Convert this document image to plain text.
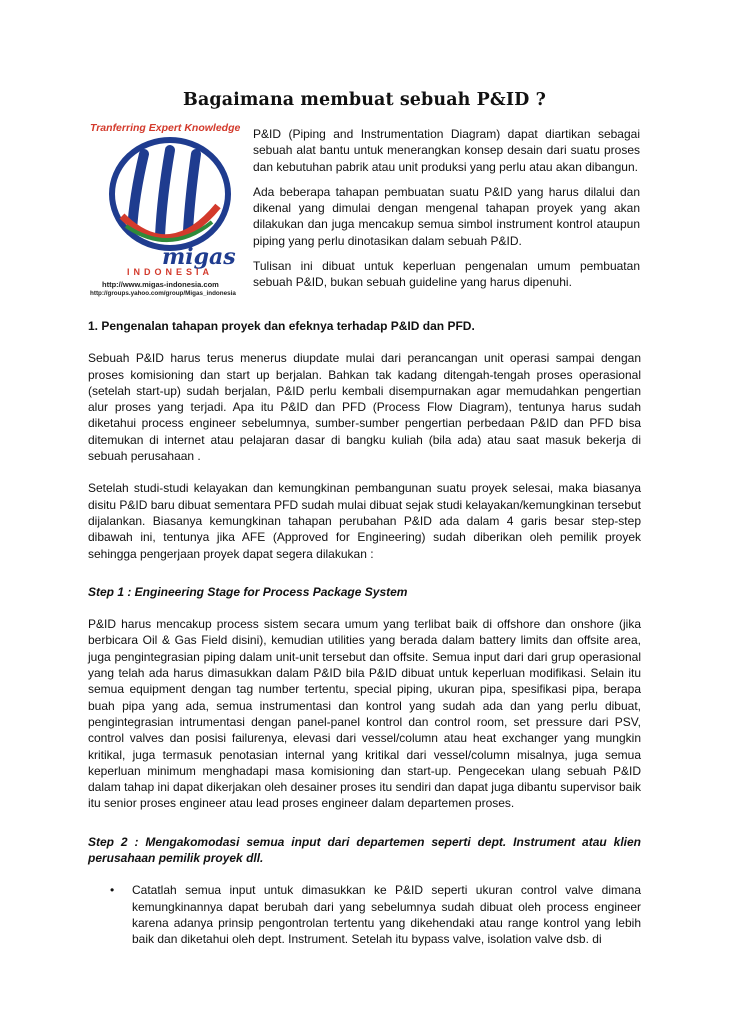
Bagaimana membuat sebuah P&ID ?
Tranferring Expert Knowledge
migas
INDONESIA
http://www.migas-indonesia.com
http://groups.yahoo.com/group/Migas_indonesia

P&ID (Piping and Instrumentation Diagram) dapat diartikan sebagai sebuah alat bantu untuk menerangkan konsep desain dari suatu proses dan kebutuhan pabrik atau unit produksi yang perlu atau akan dibangun.

Ada beberapa tahapan pembuatan suatu P&ID yang harus dilalui dan dikenal yang dimulai dengan mengenal tahapan proyek yang akan dilakukan dan juga mencakup semua simbol instrument kontrol ataupun piping yang perlu dinotasikan dalam sebuah P&ID.

Tulisan ini dibuat untuk keperluan pengenalan umum pembuatan sebuah P&ID, bukan sebuah guideline yang harus dipenuhi.

1. Pengenalan tahapan proyek dan efeknya terhadap P&ID dan PFD.

Sebuah P&ID harus terus menerus diupdate mulai dari perancangan unit operasi sampai dengan proses komisioning dan start up berjalan. Bahkan tak kadang ditengah-tengah proses operasional (setelah start-up) sudah berjalan, P&ID perlu kembali disempurnakan agar memudahkan pengertian alur proses yang terjadi. Apa itu P&ID dan PFD (Process Flow Diagram), tentunya harus sudah diketahui process engineer sebelumnya, sumber-sumber pengertian perbedaan P&ID dan PFD bisa ditemukan di internet atau pelajaran dasar di bangku kuliah (bila ada) atau saat masuk bekerja di sebuah perusahaan .

Setelah studi-studi kelayakan dan kemungkinan pembangunan suatu proyek selesai, maka biasanya disitu P&ID baru dibuat sementara PFD sudah mulai dibuat sejak studi kelayakan/kemungkinan tersebut dijalankan. Biasanya kemungkinan tahapan perubahan P&ID ada dalam 4 garis besar step-step dibawah ini, tentunya jika AFE (Approved for Engineering) sudah diberikan oleh pemilik proyek sehingga pengerjaan proyek dapat segera dilakukan :

Step 1 : Engineering Stage for Process Package System

P&ID harus mencakup process sistem secara umum yang terlibat baik di offshore dan onshore (jika berbicara Oil & Gas Field disini), kemudian utilities yang berada dalam battery limits dan offsite area, juga pengintegrasian piping dalam unit-unit tersebut dan offsite. Semua input dari dari grup operasional yang telah ada harus dimasukkan dalam P&ID bila P&ID dibuat untuk keperluan modifikasi. Selain itu semua equipment dengan tag number tertentu, special piping, ukuran pipa, spesifikasi pipa, berapa buah pipa yang ada, semua instrumentasi dan kontrol yang sudah ada dan yang perlu dibuat, pengintegrasian intrumentasi dengan panel-panel kontrol dan control room, set pressure dari PSV, control valves dan posisi failurenya, elevasi dari vessel/column atau heat exchanger yang mungkin kritikal, juga termasuk penotasian internal yang kritikal dari vessel/column misalnya, juga semua keperluan minimum menghadapi masa komisioning dan start-up. Pengecekan ulang sebuah P&ID dalam tahap ini dapat dikerjakan oleh desainer proses itu sendiri dan dapat juga dibantu supervisor baik itu senior proses engineer atau lead proses engineer dalam departemen proses.

Step 2 : Mengakomodasi semua input dari departemen seperti dept. Instrument atau klien perusahaan pemilik proyek dll.
• Catatlah semua input untuk dimasukkan ke P&ID seperti ukuran control valve dimana kemungkinannya dapat berubah dari yang sebelumnya sudah dibuat oleh process engineer karena adanya prinsip pengontrolan tertentu yang dikehendaki atau range kontrol yang lebih baik dan diketahui oleh dept. Instrument. Setelah itu bypass valve, isolation valve dsb. di
